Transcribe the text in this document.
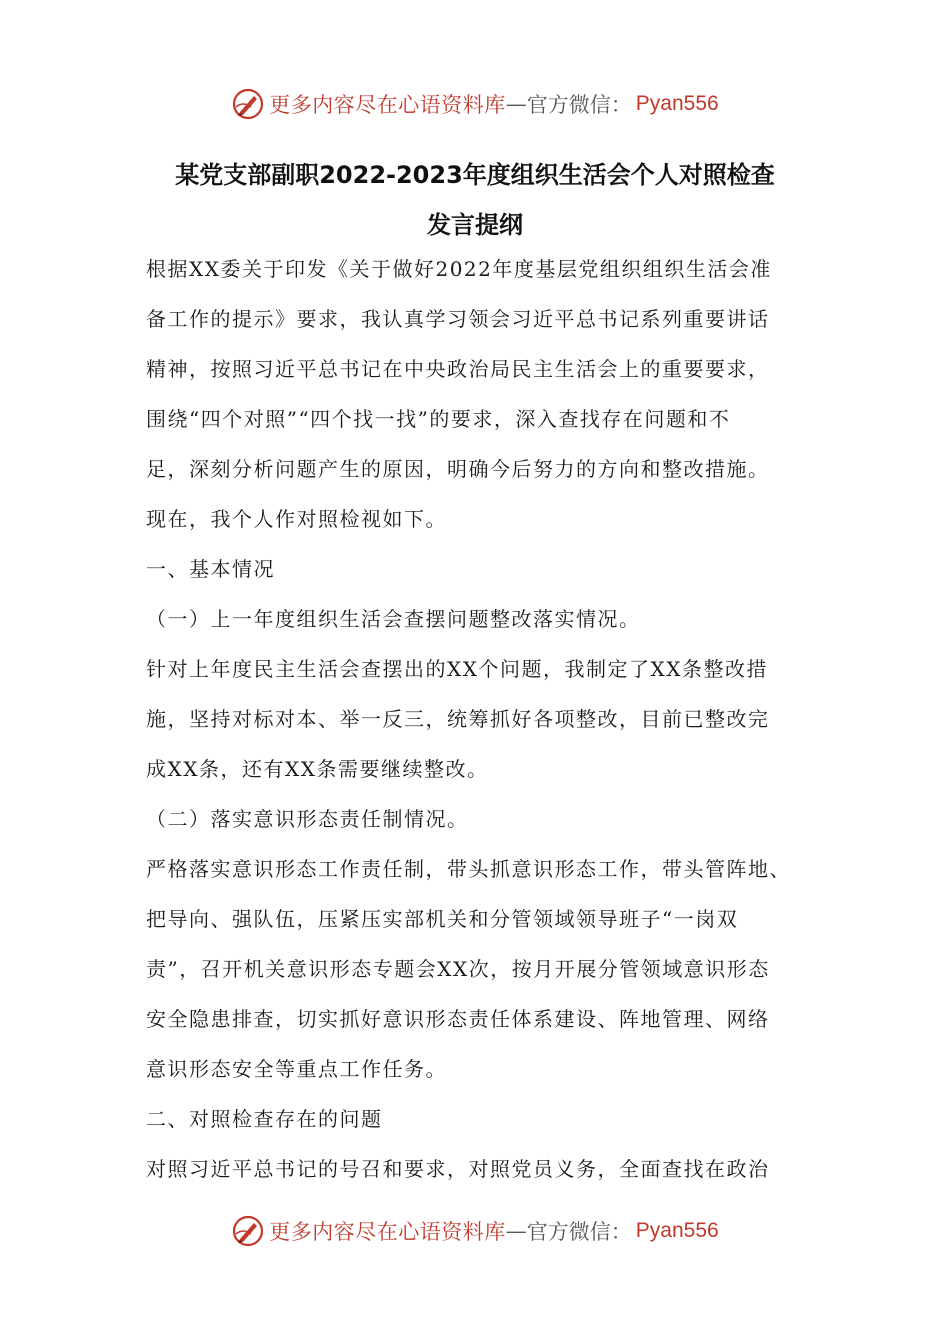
更多内容尽在心语资料库 — 官方微信： Pyan556
某党支部副职2022-2023年度组织生活会个人对照检查
发言提纲
根据XX委关于印发《关于做好2022年度基层党组织组织生活会准
备工作的提示》要求，我认真学习领会习近平总书记系列重要讲话
精神，按照习近平总书记在中央政治局民主生活会上的重要要求，
围绕“四个对照”“四个找一找”的要求，深入查找存在问题和不
足，深刻分析问题产生的原因，明确今后努力的方向和整改措施。
现在，我个人作对照检视如下。
一、基本情况
（一）上一年度组织生活会查摆问题整改落实情况。
针对上年度民主生活会查摆出的XX个问题，我制定了XX条整改措
施，坚持对标对本、举一反三，统筹抓好各项整改，目前已整改完
成XX条，还有XX条需要继续整改。
（二）落实意识形态责任制情况。
严格落实意识形态工作责任制，带头抓意识形态工作，带头管阵地、
把导向、强队伍，压紧压实部机关和分管领域领导班子“一岗双
责”，召开机关意识形态专题会XX次，按月开展分管领域意识形态
安全隐患排查，切实抓好意识形态责任体系建设、阵地管理、网络
意识形态安全等重点工作任务。
二、对照检查存在的问题
对照习近平总书记的号召和要求，对照党员义务，全面查找在政治
更多内容尽在心语资料库 — 官方微信： Pyan556
